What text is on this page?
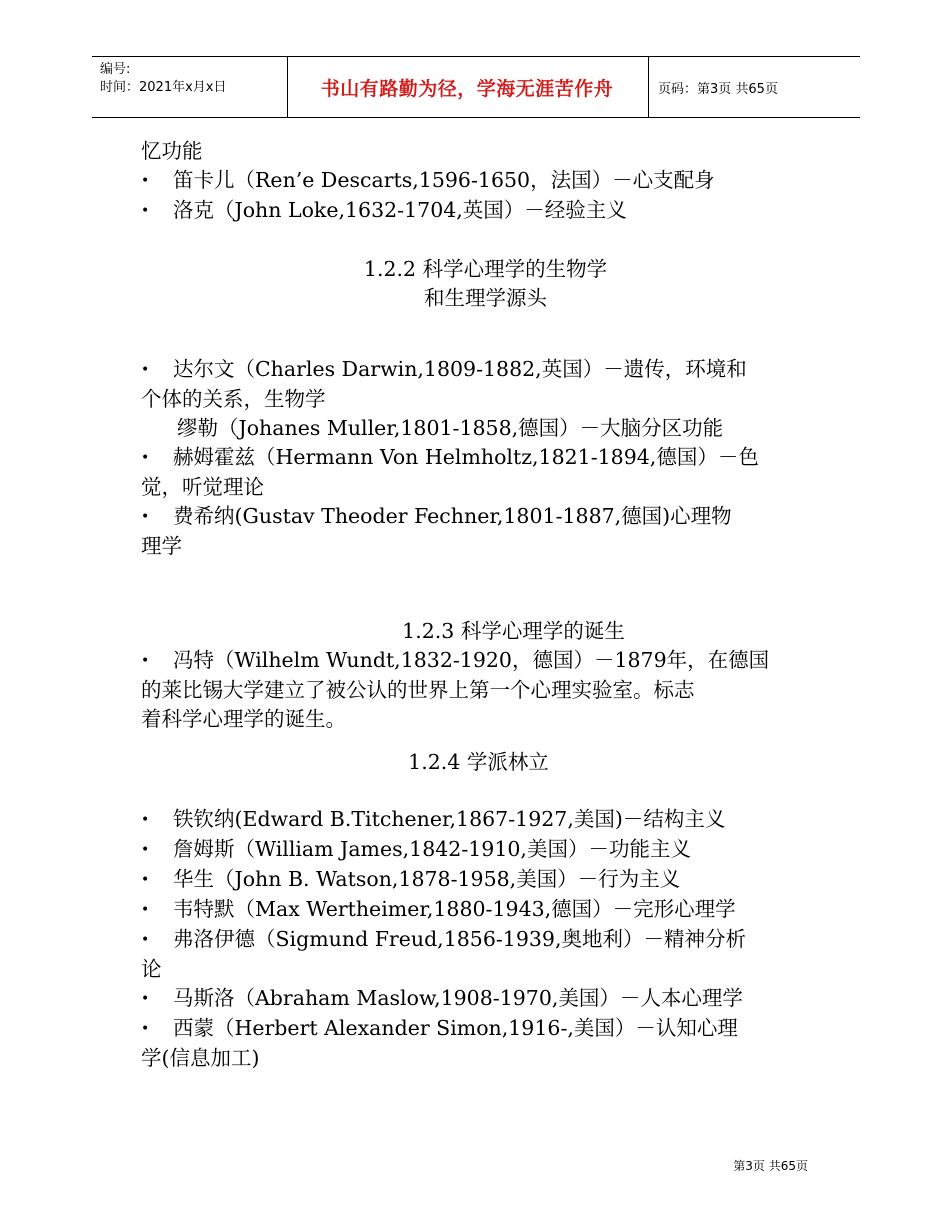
编号:
时间：2021年x月x日	书山有路勤为径，学海无涯苦作舟	页码：第3页 共65页

忆功能

• 笛卡儿（Ren’e Descarts,1596-1650，法国）－心支配身

• 洛克（John Loke,1632-1704,英国）－经验主义

1.2.2 科学心理学的生物学

和生理学源头

• 达尔文（Charles Darwin,1809-1882,英国）－遗传，环境和

个体的关系，生物学

缪勒（Johanes Muller,1801-1858,德国）－大脑分区功能

• 赫姆霍兹（Hermann Von Helmholtz,1821-1894,德国）－色

觉，听觉理论

• 费希纳(Gustav Theoder Fechner,1801-1887,德国)心理物

理学

1.2.3 科学心理学的诞生

• 冯特（Wilhelm Wundt,1832-1920，德国）－1879年，在德国

的莱比锡大学建立了被公认的世界上第一个心理实验室。标志

着科学心理学的诞生。

1.2.4 学派林立

• 铁钦纳(Edward B.Titchener,1867-1927,美国)－结构主义

• 詹姆斯（William James,1842-1910,美国）－功能主义

• 华生（John B. Watson,1878-1958,美国）－行为主义

• 韦特默（Max Wertheimer,1880-1943,德国）－完形心理学

• 弗洛伊德（Sigmund Freud,1856-1939,奥地利）－精神分析

论

• 马斯洛（Abraham Maslow,1908-1970,美国）－人本心理学

• 西蒙（Herbert Alexander Simon,1916-,美国）－认知心理

学(信息加工)

第3页 共65页
